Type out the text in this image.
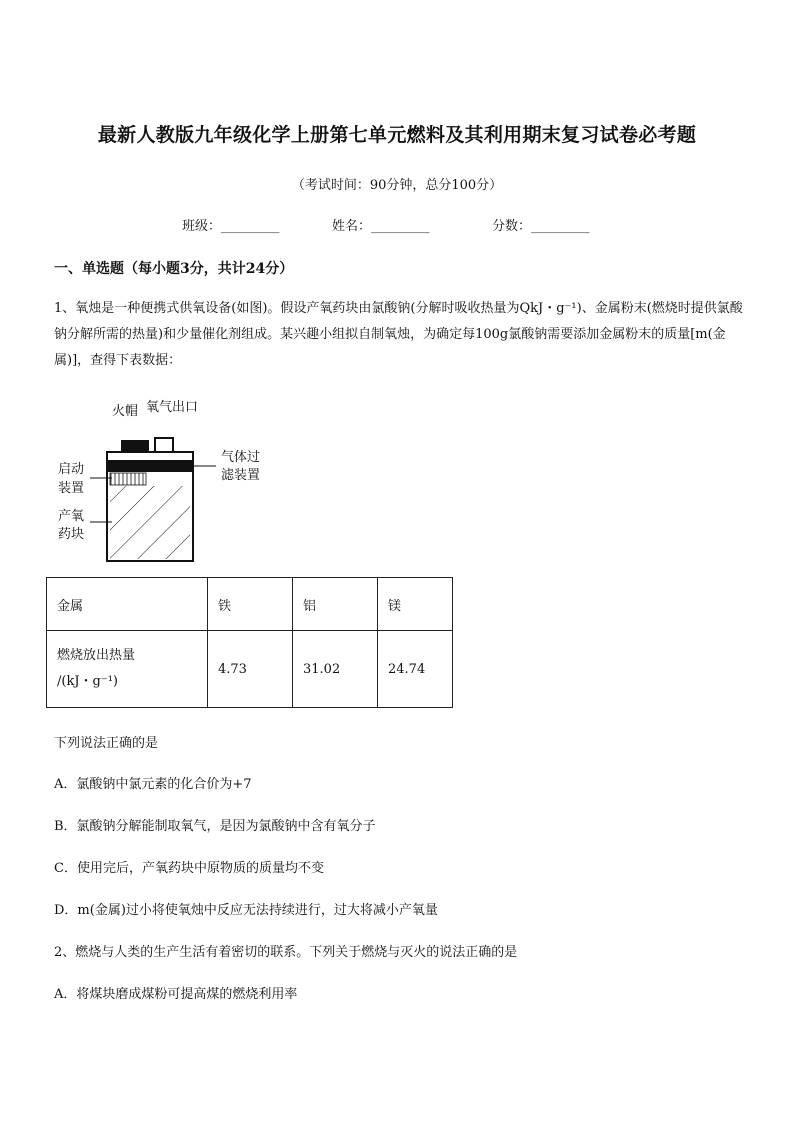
最新人教版九年级化学上册第七单元燃料及其利用期末复习试卷必考题
（考试时间：90分钟，总分100分）
班级：_________	姓名：_________	分数：_________
一、单选题（每小题3分，共计24分）
1、氧烛是一种便携式供氧设备(如图)。假设产氧药块由氯酸钠(分解时吸收热量为QkJ・g⁻¹)、金属粉末(燃烧时提供氯酸钠分解所需的热量)和少量催化剂组成。某兴趣小组拟自制氧烛，为确定每100g氯酸钠需要添加金属粉末的质量[m(金属)]，查得下表数据：
火帽 氧气出口
气体过
滤装置
启动
装置
产氧
药块
金属	铁	铝	镁

燃烧放出热量
/(kJ・g⁻¹)	4.73	31.02	24.74
下列说法正确的是
A．氯酸钠中氯元素的化合价为+7
B．氯酸钠分解能制取氧气，是因为氯酸钠中含有氧分子
C．使用完后，产氧药块中原物质的质量均不变
D．m(金属)过小将使氧烛中反应无法持续进行，过大将减小产氧量
2、燃烧与人类的生产生活有着密切的联系。下列关于燃烧与灭火的说法正确的是
A．将煤块磨成煤粉可提高煤的燃烧利用率
